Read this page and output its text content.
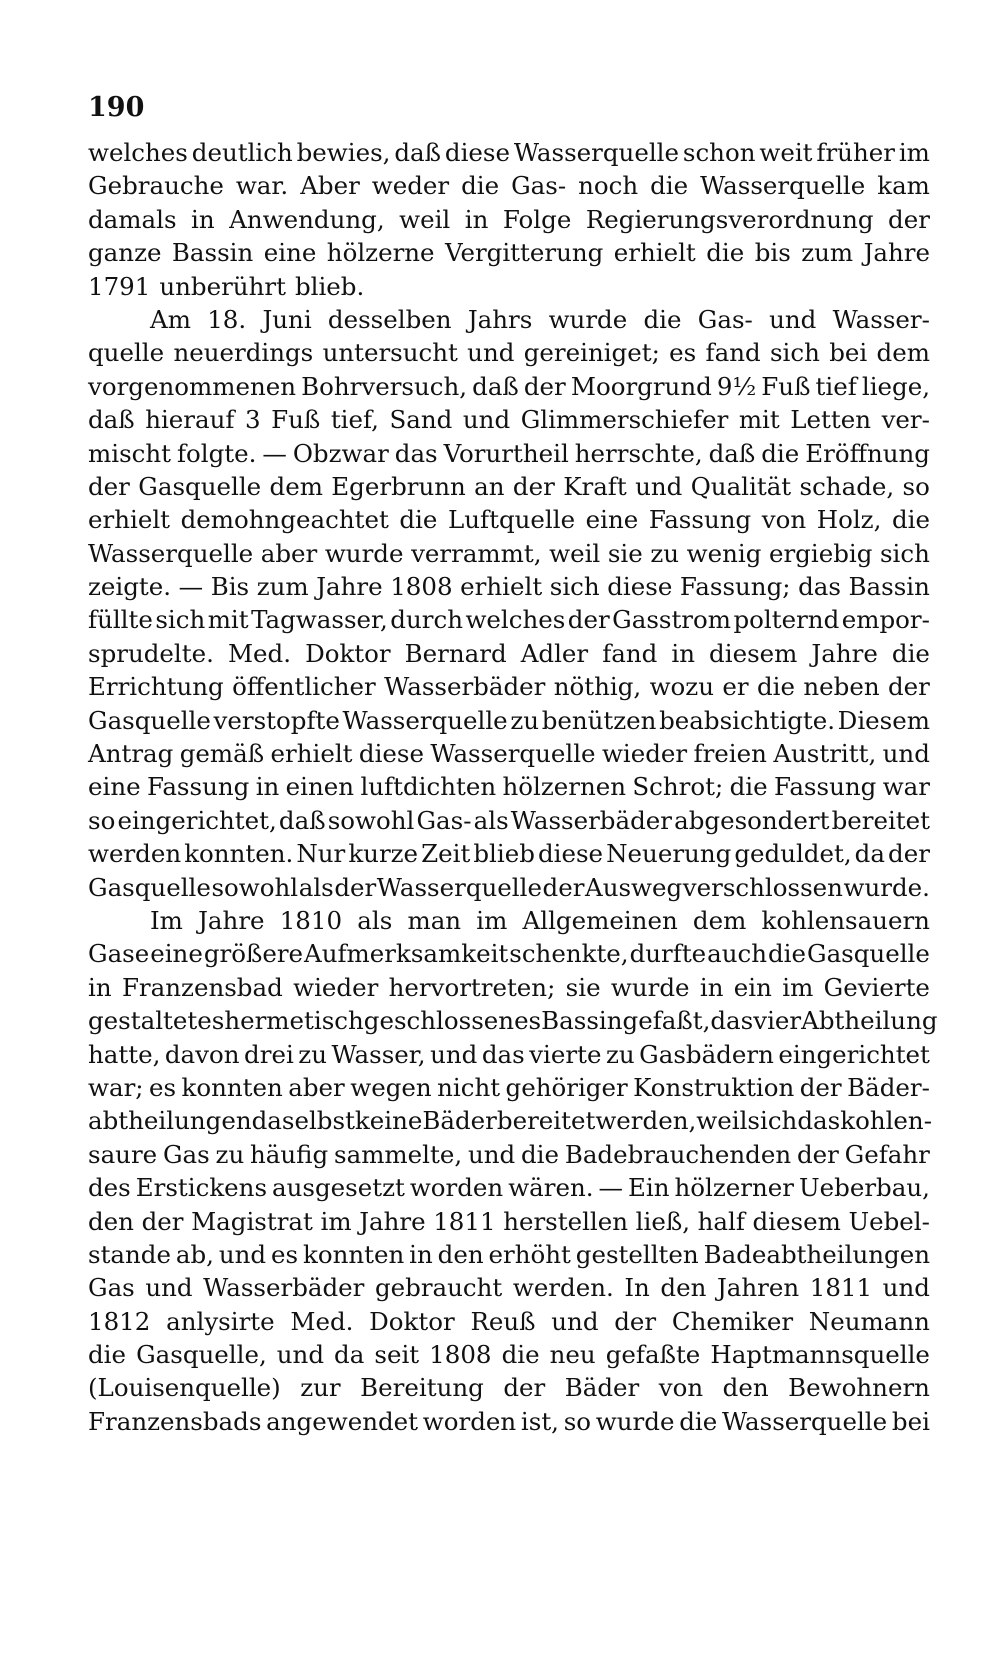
190
welches deutlich bewies, daß diese Wasserquelle schon weit früher im
Gebrauche war. Aber weder die Gas- noch die Wasserquelle kam
damals in Anwendung, weil in Folge Regierungsverordnung der
ganze Bassin eine hölzerne Vergitterung erhielt die bis zum Jahre
1791 unberührt blieb.
Am 18. Juni desselben Jahrs wurde die Gas- und Wasser-
quelle neuerdings untersucht und gereiniget; es fand sich bei dem
vorgenommenen Bohrversuch, daß der Moorgrund 9½ Fuß tief liege,
daß hierauf 3 Fuß tief, Sand und Glimmerschiefer mit Letten ver-
mischt folgte. — Obzwar das Vorurtheil herrschte, daß die Eröffnung
der Gasquelle dem Egerbrunn an der Kraft und Qualität schade, so
erhielt demohngeachtet die Luftquelle eine Fassung von Holz, die
Wasserquelle aber wurde verrammt, weil sie zu wenig ergiebig sich
zeigte. — Bis zum Jahre 1808 erhielt sich diese Fassung; das Bassin
füllte sich mit Tagwasser, durch welches der Gasstrom polternd empor-
sprudelte. Med. Doktor Bernard Adler fand in diesem Jahre die
Errichtung öffentlicher Wasserbäder nöthig, wozu er die neben der
Gasquelle verstopfte Wasserquelle zu benützen beabsichtigte. Diesem
Antrag gemäß erhielt diese Wasserquelle wieder freien Austritt, und
eine Fassung in einen luftdichten hölzernen Schrot; die Fassung war
so eingerichtet, daß sowohl Gas- als Wasserbäder abgesondert bereitet
werden konnten. Nur kurze Zeit blieb diese Neuerung geduldet, da der
Gasquelle sowohl als der Wasserquelle der Ausweg verschlossen wurde.
Im Jahre 1810 als man im Allgemeinen dem kohlensauern
Gase eine größere Aufmerksamkeit schenkte, durfte auch die Gasquelle
in Franzensbad wieder hervortreten; sie wurde in ein im Gevierte
gestaltetes hermetisch geschlossenes Bassin gefaßt, das vier Abtheilung
hatte, davon drei zu Wasser, und das vierte zu Gasbädern eingerichtet
war; es konnten aber wegen nicht gehöriger Konstruktion der Bäder-
abtheilungen daselbst keine Bäder bereitet werden, weil sich das kohlen-
saure Gas zu häufig sammelte, und die Badebrauchenden der Gefahr
des Erstickens ausgesetzt worden wären. — Ein hölzerner Ueberbau,
den der Magistrat im Jahre 1811 herstellen ließ, half diesem Uebel-
stande ab, und es konnten in den erhöht gestellten Badeabtheilungen
Gas und Wasserbäder gebraucht werden. In den Jahren 1811 und
1812 anlysirte Med. Doktor Reuß und der Chemiker Neumann
die Gasquelle, und da seit 1808 die neu gefaßte Haptmannsquelle
(Louisenquelle) zur Bereitung der Bäder von den Bewohnern
Franzensbads angewendet worden ist, so wurde die Wasserquelle bei
